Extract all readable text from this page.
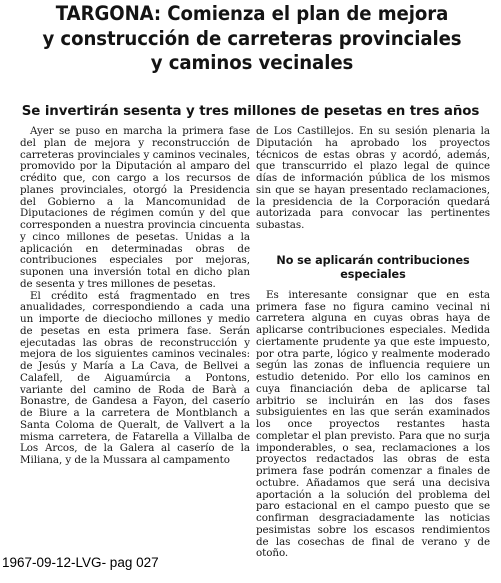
TARGONA: Comienza el plan de mejora
y construcción de carreteras provinciales
y caminos vecinales
Se invertirán sesenta y tres millones de pesetas en tres años

Ayer se puso en marcha la primera fase del plan de mejora y reconstrucción de carreteras provinciales y caminos vecinales, promovido por la Diputación al amparo del crédito que, con cargo a los recursos de planes provinciales, otorgó la Presidencia del Gobierno a la Mancomunidad de Diputaciones de régimen común y del que corresponden a nuestra provincia cincuenta y cinco millones de pesetas. Unidas a la aplicación en determinadas obras de contribuciones especiales por mejoras, suponen una inversión total en dicho plan de sesenta y tres millones de pesetas.

El crédito está fragmentado en tres anualidades, correspondiendo a cada una un importe de dieciocho millones y medio de pesetas en esta primera fase. Serán ejecutadas las obras de reconstrucción y mejora de los siguientes caminos vecinales: de Jesús y María a La Cava, de Bellvei a Calafell, de Aiguamúrcia a Pontons, variante del camino de Roda de Barà a Bonastre, de Gandesa a Fayon, del caserío de Biure a la carretera de Montblanch a Santa Coloma de Queralt, de Vallvert a la misma carretera, de Fatarella a Villalba de Los Arcos, de la Galera al caserío de la Miliana, y de la Mussara al campamento

de Los Castillejos. En su sesión plenaria la Diputación ha aprobado los proyectos técnicos de estas obras y acordó, además, que transcurrido el plazo legal de quince días de información pública de los mismos sin que se hayan presentado reclamaciones, la presidencia de la Corporación quedará autorizada para convocar las pertinentes subastas.

No se aplicarán contribuciones especiales

Es interesante consignar que en esta primera fase no figura camino vecinal ni carretera alguna en cuyas obras haya de aplicarse contribuciones especiales. Medida ciertamente prudente ya que este impuesto, por otra parte, lógico y realmente moderado según las zonas de influencia requiere un estudio detenido. Por ello los caminos en cuya financiación deba de aplicarse tal arbitrio se incluirán en las dos fases subsiguientes en las que serán examinados los once proyectos restantes hasta completar el plan previsto. Para que no surja imponderables, o sea, reclamaciones a los proyectos redactados las obras de esta primera fase podrán comenzar a finales de octubre. Añadamos que será una decisiva aportación a la solución del problema del paro estacional en el campo puesto que se confirman desgraciadamente las noticias pesimistas sobre los escasos rendimientos de las cosechas de final de verano y de otoño.

1967-09-12-LVG- pag 027
